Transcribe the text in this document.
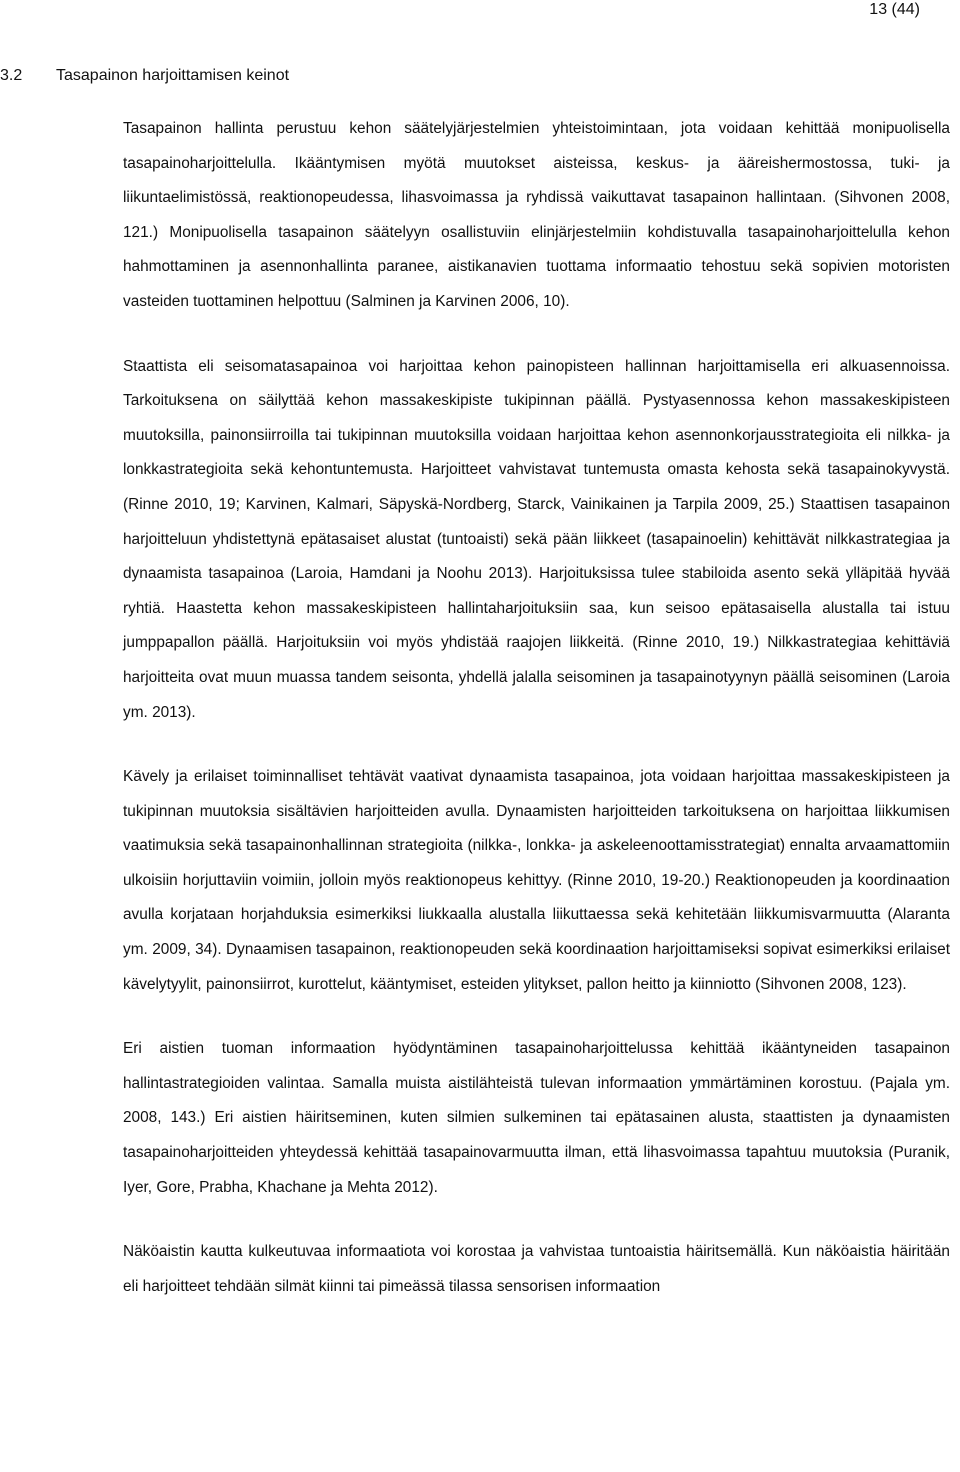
13 (44)
3.2 Tasapainon harjoittamisen keinot

Tasapainon hallinta perustuu kehon säätelyjärjestelmien yhteistoimintaan, jota voidaan kehittää monipuolisella tasapainoharjoittelulla. Ikääntymisen myötä muutokset aisteissa, keskus- ja ääreishermostossa, tuki- ja liikuntaelimistössä, reaktionopeudessa, lihasvoimassa ja ryhdissä vaikuttavat tasapainon hallintaan. (Sihvonen 2008, 121.) Monipuolisella tasapainon säätelyyn osallistuviin elinjärjestelmiin kohdistuvalla tasapainoharjoittelulla kehon hahmottaminen ja asennonhallinta paranee, aistikanavien tuottama informaatio tehostuu sekä sopivien motoristen vasteiden tuottaminen helpottuu (Salminen ja Karvinen 2006, 10).

Staattista eli seisomatasapainoa voi harjoittaa kehon painopisteen hallinnan harjoittamisella eri alkuasennoissa. Tarkoituksena on säilyttää kehon massakeskipiste tukipinnan päällä. Pystyasennossa kehon massakeskipisteen muutoksilla, painonsiirroilla tai tukipinnan muutoksilla voidaan harjoittaa kehon asennonkorjausstrategioita eli nilkka- ja lonkkastrategioita sekä kehontuntemusta. Harjoitteet vahvistavat tuntemusta omasta kehosta sekä tasapainokyvystä. (Rinne 2010, 19; Karvinen, Kalmari, Säpyskä-Nordberg, Starck, Vainikainen ja Tarpila 2009, 25.) Staattisen tasapainon harjoitteluun yhdistettynä epätasaiset alustat (tuntoaisti) sekä pään liikkeet (tasapainoelin) kehittävät nilkkastrategiaa ja dynaamista tasapainoa (Laroia, Hamdani ja Noohu 2013). Harjoituksissa tulee stabiloida asento sekä ylläpitää hyvää ryhtiä. Haastetta kehon massakeskipisteen hallintaharjoituksiin saa, kun seisoo epätasaisella alustalla tai istuu jumppapallon päällä. Harjoituksiin voi myös yhdistää raajojen liikkeitä. (Rinne 2010, 19.) Nilkkastrategiaa kehittäviä harjoitteita ovat muun muassa tandem seisonta, yhdellä jalalla seisominen ja tasapainotyynyn päällä seisominen (Laroia ym. 2013).

Kävely ja erilaiset toiminnalliset tehtävät vaativat dynaamista tasapainoa, jota voidaan harjoittaa massakeskipisteen ja tukipinnan muutoksia sisältävien harjoitteiden avulla. Dynaamisten harjoitteiden tarkoituksena on harjoittaa liikkumisen vaatimuksia sekä tasapainonhallinnan strategioita (nilkka-, lonkka- ja askeleenoottamisstrategiat) ennalta arvaamattomiin ulkoisiin horjuttaviin voimiin, jolloin myös reaktionopeus kehittyy. (Rinne 2010, 19-20.) Reaktionopeuden ja koordinaation avulla korjataan horjahduksia esimerkiksi liukkaalla alustalla liikuttaessa sekä kehitetään liikkumisvarmuutta (Alaranta ym. 2009, 34). Dynaamisen tasapainon, reaktionopeuden sekä koordinaation harjoittamiseksi sopivat esimerkiksi erilaiset kävelytyylit, painonsiirrot, kurottelut, kääntymiset, esteiden ylitykset, pallon heitto ja kiinniotto (Sihvonen 2008, 123).

Eri aistien tuoman informaation hyödyntäminen tasapainoharjoittelussa kehittää ikääntyneiden tasapainon hallintastrategioiden valintaa. Samalla muista aistilähteistä tulevan informaation ymmärtäminen korostuu. (Pajala ym. 2008, 143.) Eri aistien häiritseminen, kuten silmien sulkeminen tai epätasainen alusta, staattisten ja dynaamisten tasapainoharjoitteiden yhteydessä kehittää tasapainovarmuutta ilman, että lihasvoimassa tapahtuu muutoksia (Puranik, Iyer, Gore, Prabha, Khachane ja Mehta 2012).

Näköaistin kautta kulkeutuvaa informaatiota voi korostaa ja vahvistaa tuntoaistia häiritsemällä. Kun näköaistia häiritään eli harjoitteet tehdään silmät kiinni tai pimeässä tilassa sensorisen informaation
